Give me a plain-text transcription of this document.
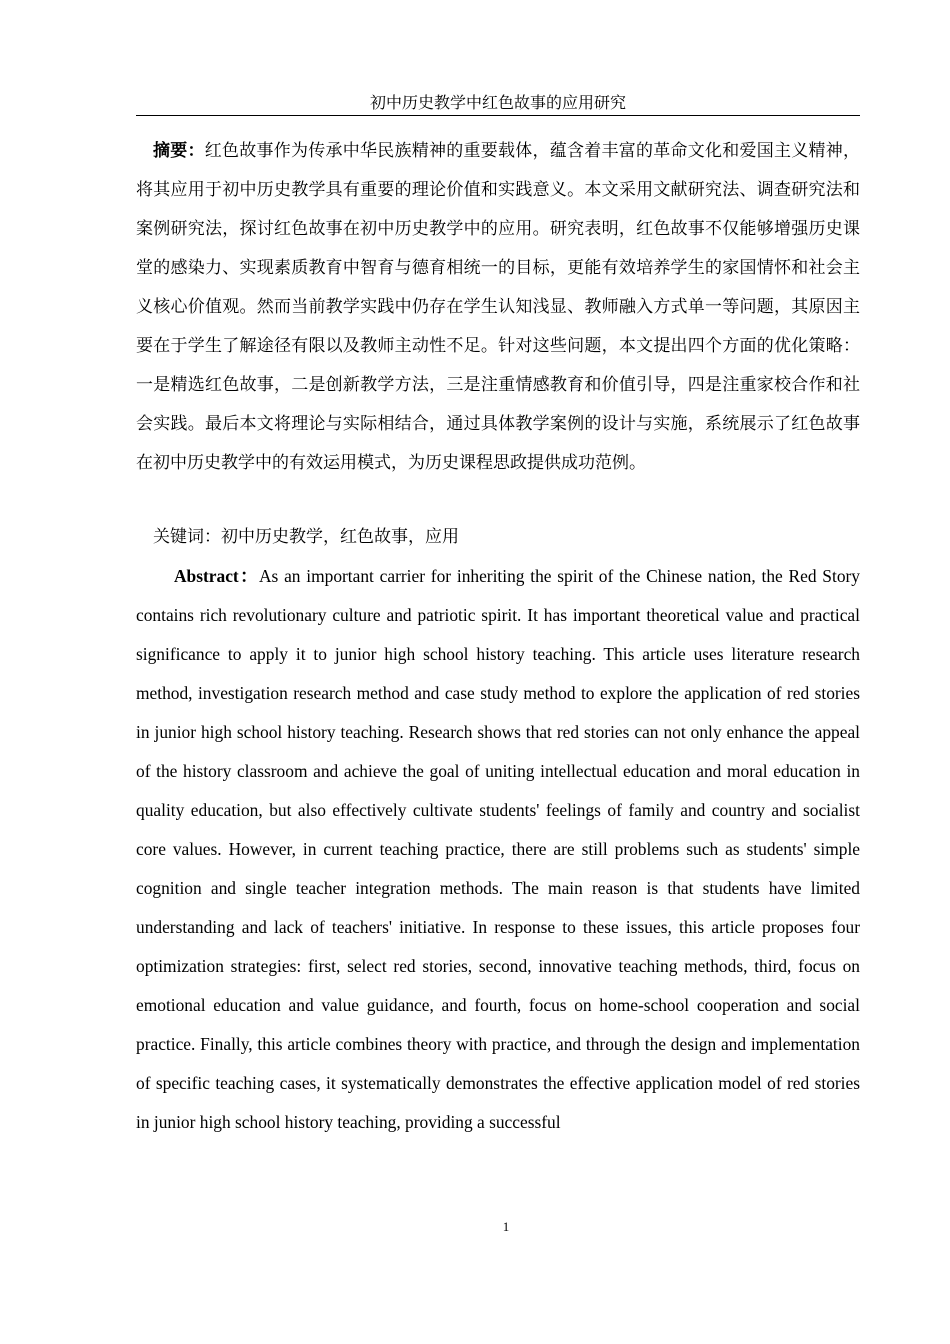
初中历史教学中红色故事的应用研究

摘要：红色故事作为传承中华民族精神的重要载体，蕴含着丰富的革命文化和爱国主义精神，将其应用于初中历史教学具有重要的理论价值和实践意义。本文采用文献研究法、调查研究法和案例研究法，探讨红色故事在初中历史教学中的应用。研究表明，红色故事不仅能够增强历史课堂的感染力、实现素质教育中智育与德育相统一的目标，更能有效培养学生的家国情怀和社会主义核心价值观。然而当前教学实践中仍存在学生认知浅显、教师融入方式单一等问题，其原因主要在于学生了解途径有限以及教师主动性不足。针对这些问题，本文提出四个方面的优化策略：一是精选红色故事，二是创新教学方法，三是注重情感教育和价值引导，四是注重家校合作和社会实践。最后本文将理论与实际相结合，通过具体教学案例的设计与实施，系统展示了红色故事在初中历史教学中的有效运用模式，为历史课程思政提供成功范例。

关键词：初中历史教学，红色故事，应用

Abstract：As an important carrier for inheriting the spirit of the Chinese nation, the Red Story contains rich revolutionary culture and patriotic spirit. It has important theoretical value and practical significance to apply it to junior high school history teaching. This article uses literature research method, investigation research method and case study method to explore the application of red stories in junior high school history teaching. Research shows that red stories can not only enhance the appeal of the history classroom and achieve the goal of uniting intellectual education and moral education in quality education, but also effectively cultivate students' feelings of family and country and socialist core values. However, in current teaching practice, there are still problems such as students' simple cognition and single teacher integration methods. The main reason is that students have limited understanding and lack of teachers' initiative. In response to these issues, this article proposes four optimization strategies: first, select red stories, second, innovative teaching methods, third, focus on emotional education and value guidance, and fourth, focus on home-school cooperation and social practice. Finally, this article combines theory with practice, and through the design and implementation of specific teaching cases, it systematically demonstrates the effective application model of red stories in junior high school history teaching, providing a successful

1
